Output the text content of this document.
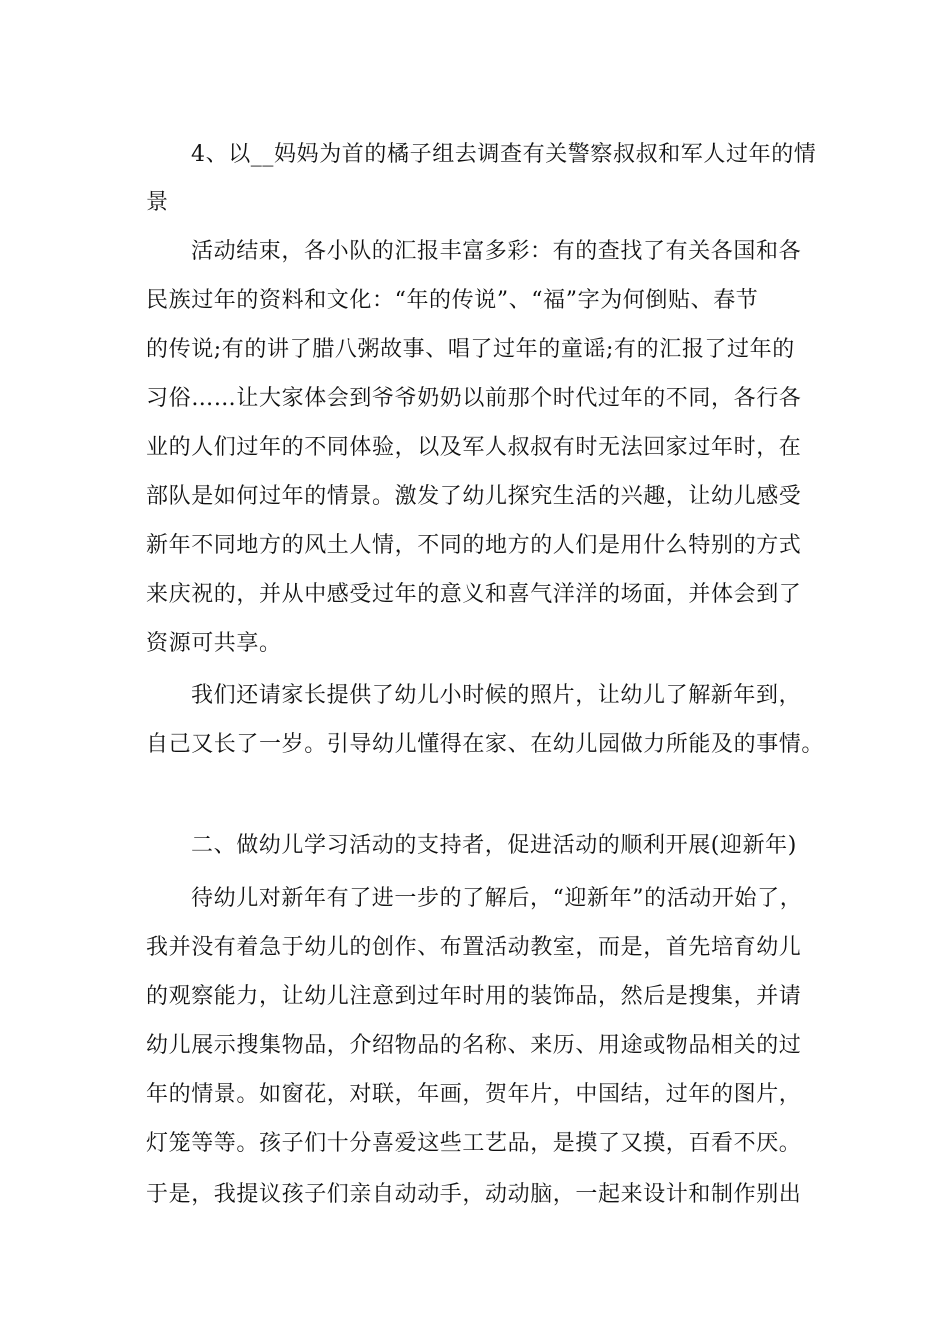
4、以__妈妈为首的橘子组去调查有关警察叔叔和军人过年的情
景
活动结束，各小队的汇报丰富多彩：有的查找了有关各国和各
民族过年的资料和文化：“年的传说”、“福”字为何倒贴、春节
的传说;有的讲了腊八粥故事、唱了过年的童谣;有的汇报了过年的
习俗……让大家体会到爷爷奶奶以前那个时代过年的不同，各行各
业的人们过年的不同体验，以及军人叔叔有时无法回家过年时，在
部队是如何过年的情景。激发了幼儿探究生活的兴趣，让幼儿感受
新年不同地方的风土人情，不同的地方的人们是用什么特别的方式
来庆祝的，并从中感受过年的意义和喜气洋洋的场面，并体会到了
资源可共享。
我们还请家长提供了幼儿小时候的照片，让幼儿了解新年到，
自己又长了一岁。引导幼儿懂得在家、在幼儿园做力所能及的事情。
二、做幼儿学习活动的支持者，促进活动的顺利开展(迎新年)
待幼儿对新年有了进一步的了解后，“迎新年”的活动开始了，
我并没有着急于幼儿的创作、布置活动教室，而是，首先培育幼儿
的观察能力，让幼儿注意到过年时用的装饰品，然后是搜集，并请
幼儿展示搜集物品，介绍物品的名称、来历、用途或物品相关的过
年的情景。如窗花，对联，年画，贺年片，中国结，过年的图片，
灯笼等等。孩子们十分喜爱这些工艺品，是摸了又摸，百看不厌。
于是，我提议孩子们亲自动动手，动动脑，一起来设计和制作别出
